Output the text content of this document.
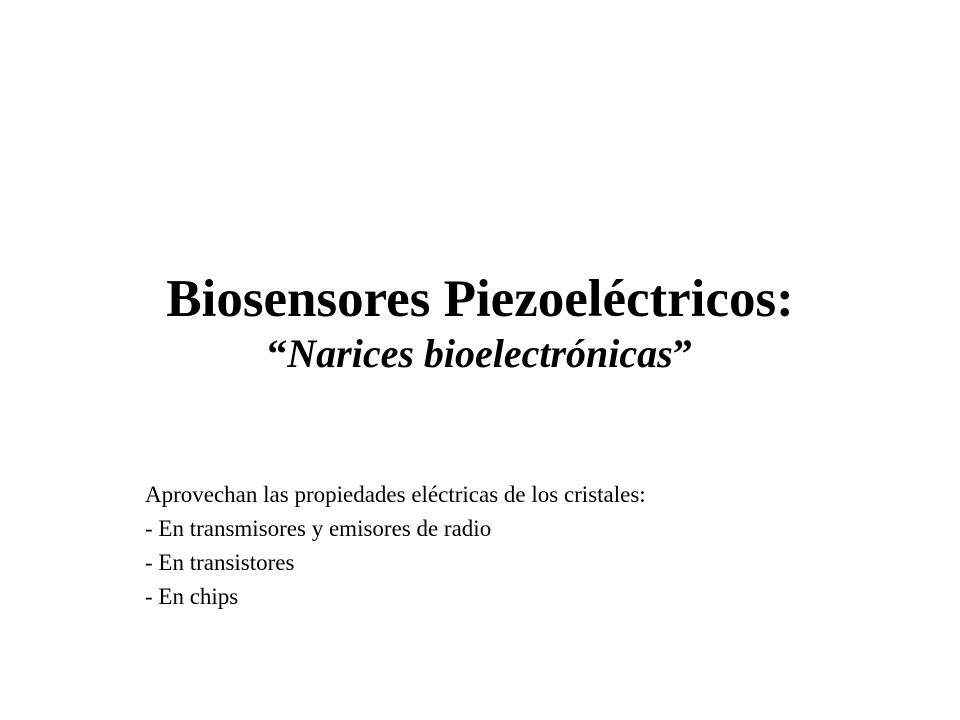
Biosensores Piezoeléctricos:
“Narices bioelectrónicas”
Aprovechan las propiedades eléctricas de los cristales:
- En transmisores y emisores de radio
- En transistores
- En chips
